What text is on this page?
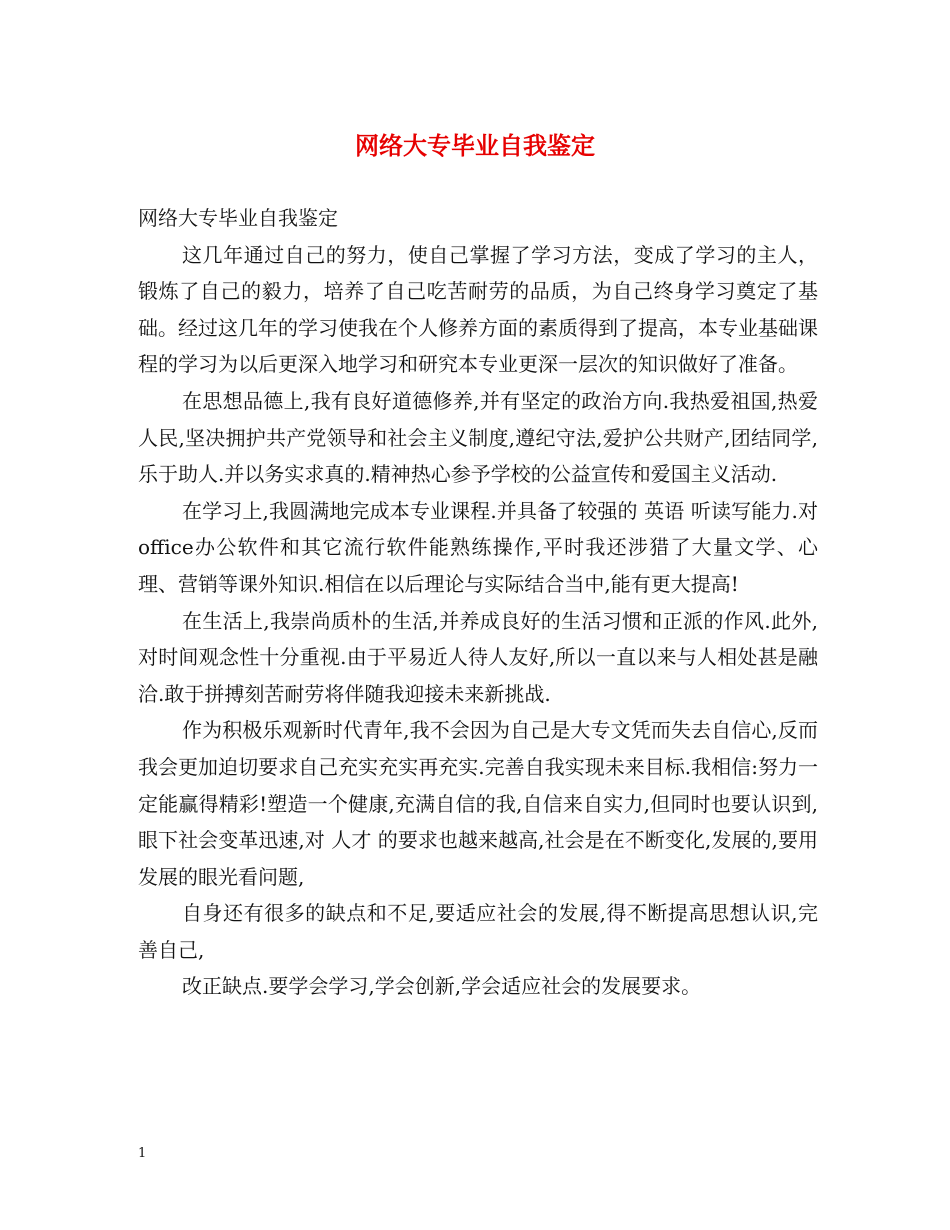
网络大专毕业自我鉴定

网络大专毕业自我鉴定

这几年通过自己的努力，使自己掌握了学习方法，变成了学习的主人，锻炼了自己的毅力，培养了自己吃苦耐劳的品质，为自己终身学习奠定了基础。经过这几年的学习使我在个人修养方面的素质得到了提高，本专业基础课程的学习为以后更深入地学习和研究本专业更深一层次的知识做好了准备。

在思想品德上,我有良好道德修养,并有坚定的政治方向.我热爱祖国,热爱人民,坚决拥护共产党领导和社会主义制度,遵纪守法,爱护公共财产,团结同学,乐于助人.并以务实求真的.精神热心参予学校的公益宣传和爱国主义活动.

在学习上,我圆满地完成本专业课程.并具备了较强的 英语 听读写能力.对office办公软件和其它流行软件能熟练操作,平时我还涉猎了大量文学、心理、营销等课外知识.相信在以后理论与实际结合当中,能有更大提高!

在生活上,我崇尚质朴的生活,并养成良好的生活习惯和正派的作风.此外,对时间观念性十分重视.由于平易近人待人友好,所以一直以来与人相处甚是融洽.敢于拼搏刻苦耐劳将伴随我迎接未来新挑战.

作为积极乐观新时代青年,我不会因为自己是大专文凭而失去自信心,反而我会更加迫切要求自己充实充实再充实.完善自我实现未来目标.我相信:努力一定能赢得精彩!塑造一个健康,充满自信的我,自信来自实力,但同时也要认识到,眼下社会变革迅速,对 人才 的要求也越来越高,社会是在不断变化,发展的,要用发展的眼光看问题,

自身还有很多的缺点和不足,要适应社会的发展,得不断提高思想认识,完善自己,

改正缺点.要学会学习,学会创新,学会适应社会的发展要求。

1
